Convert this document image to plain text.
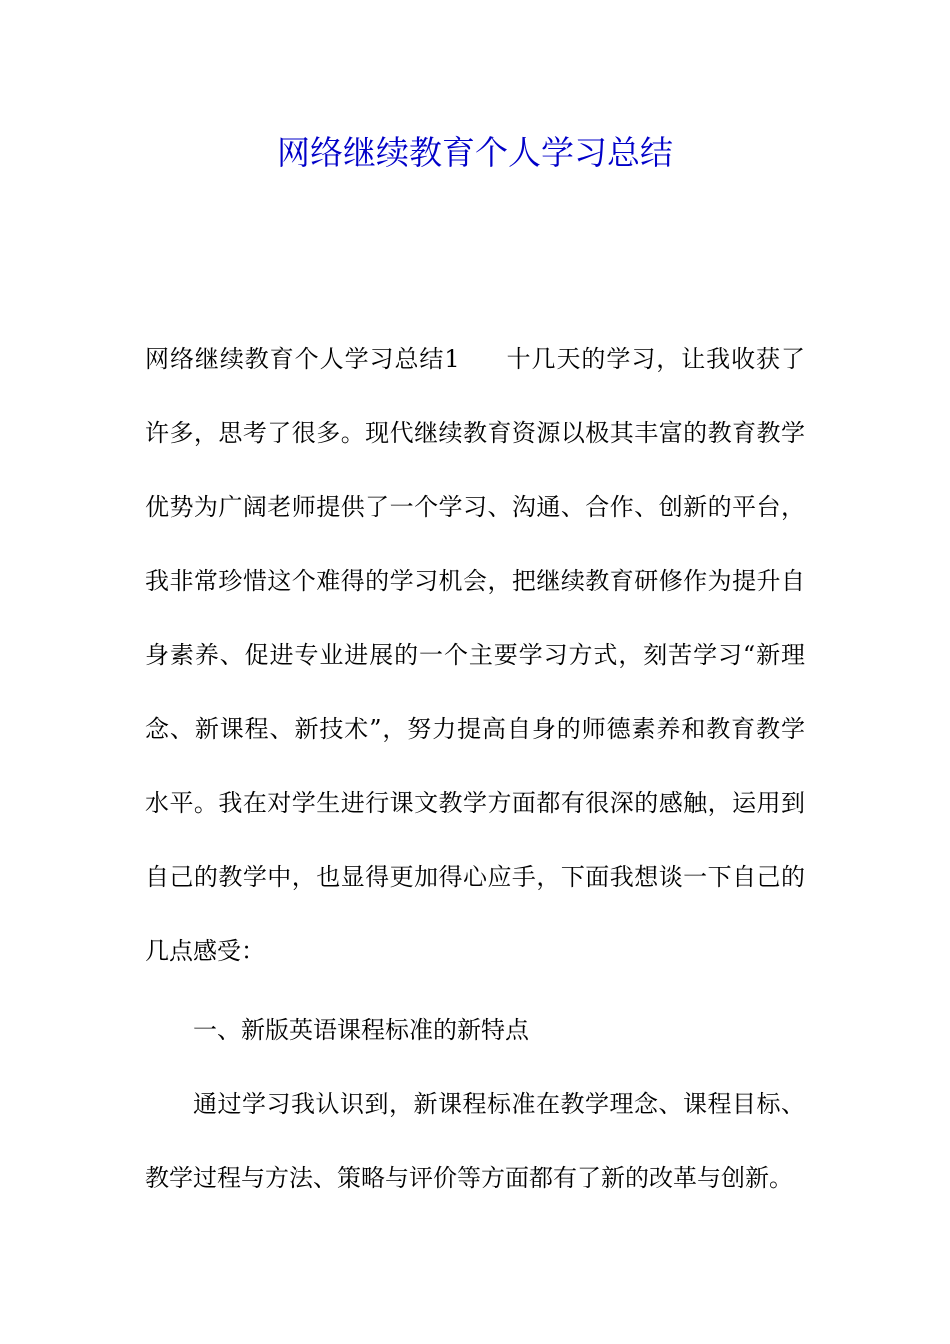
网络继续教育个人学习总结
网络继续教育个人学习总结1 十几天的学习，让我收获了
许多，思考了很多。现代继续教育资源以极其丰富的教育教学
优势为广阔老师提供了一个学习、沟通、合作、创新的平台，
我非常珍惜这个难得的学习机会，把继续教育研修作为提升自
身素养、促进专业进展的一个主要学习方式，刻苦学习“新理
念、新课程、新技术”，努力提高自身的师德素养和教育教学
水平。我在对学生进行课文教学方面都有很深的感触，运用到
自己的教学中，也显得更加得心应手，下面我想谈一下自己的
几点感受：
一、新版英语课程标准的新特点
通过学习我认识到，新课程标准在教学理念、课程目标、
教学过程与方法、策略与评价等方面都有了新的改革与创新。
